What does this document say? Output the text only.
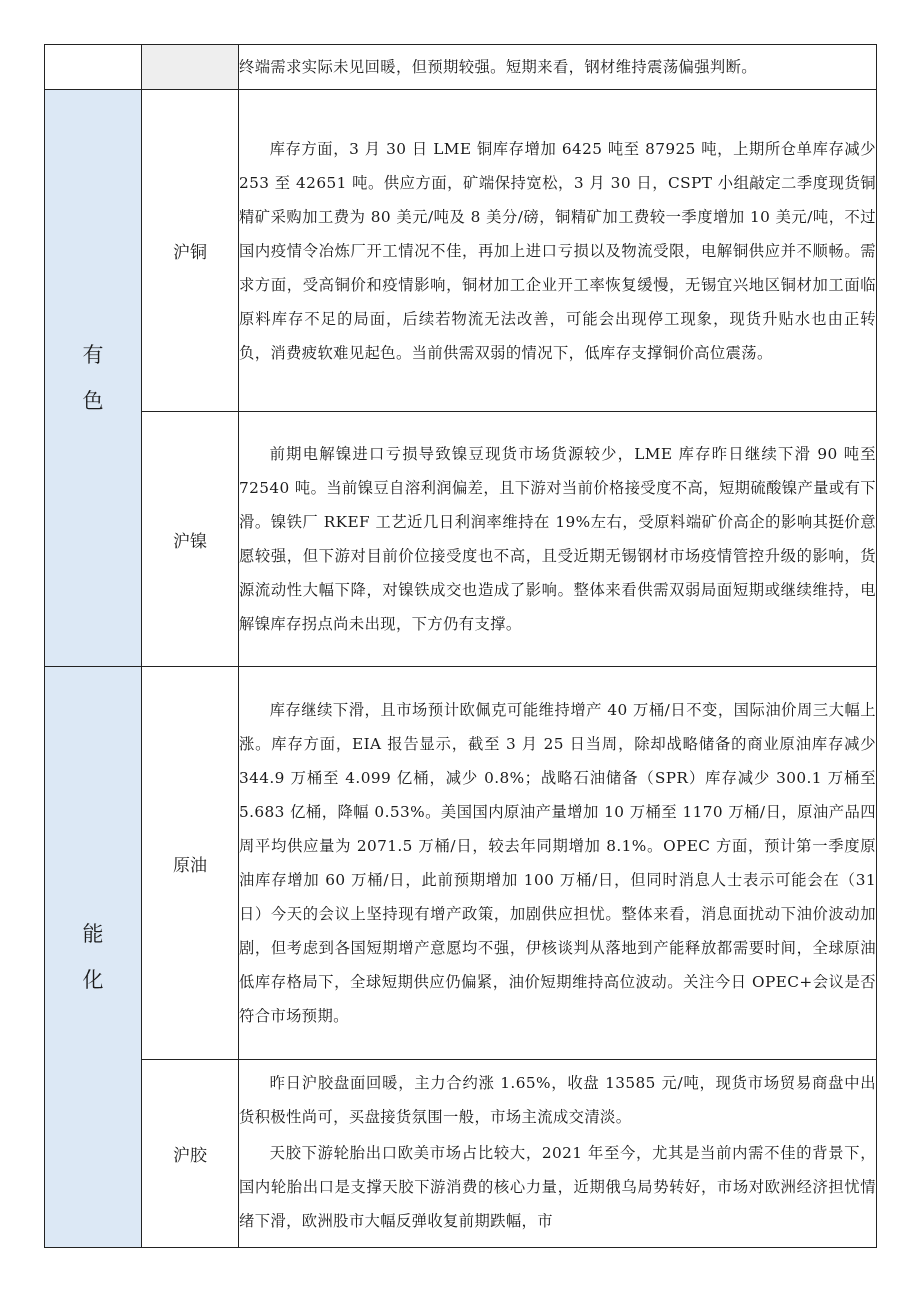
		终端需求实际未见回暖，但预期较强。短期来看，钢材维持震荡偏强判断。

有
色	沪铜	库存方面，3 月 30 日 LME 铜库存增加 6425 吨至 87925 吨，上期所仓单库存减少 253 至 42651 吨。供应方面，矿端保持宽松，3 月 30 日，CSPT 小组敲定二季度现货铜精矿采购加工费为 80 美元/吨及 8 美分/磅，铜精矿加工费较一季度增加 10 美元/吨，不过国内疫情令冶炼厂开工情况不佳，再加上进口亏损以及物流受限，电解铜供应并不顺畅。需求方面，受高铜价和疫情影响，铜材加工企业开工率恢复缓慢，无锡宜兴地区铜材加工面临原料库存不足的局面，后续若物流无法改善，可能会出现停工现象，现货升贴水也由正转负，消费疲软难见起色。当前供需双弱的情况下，低库存支撑铜价高位震荡。

	沪镍	前期电解镍进口亏损导致镍豆现货市场货源较少，LME 库存昨日继续下滑 90 吨至 72540 吨。当前镍豆自溶利润偏差，且下游对当前价格接受度不高，短期硫酸镍产量或有下滑。镍铁厂 RKEF 工艺近几日利润率维持在 19%左右，受原料端矿价高企的影响其挺价意愿较强，但下游对目前价位接受度也不高，且受近期无锡钢材市场疫情管控升级的影响，货源流动性大幅下降，对镍铁成交也造成了影响。整体来看供需双弱局面短期或继续维持，电解镍库存拐点尚未出现，下方仍有支撑。

能
化	原油	库存继续下滑，且市场预计欧佩克可能维持增产 40 万桶/日不变，国际油价周三大幅上涨。库存方面，EIA 报告显示，截至 3 月 25 日当周，除却战略储备的商业原油库存减少 344.9 万桶至 4.099 亿桶，减少 0.8%；战略石油储备（SPR）库存减少 300.1 万桶至 5.683 亿桶，降幅 0.53%。美国国内原油产量增加 10 万桶至 1170 万桶/日，原油产品四周平均供应量为 2071.5 万桶/日，较去年同期增加 8.1%。OPEC 方面，预计第一季度原油库存增加 60 万桶/日，此前预期增加 100 万桶/日，但同时消息人士表示可能会在（31 日）今天的会议上坚持现有增产政策，加剧供应担忧。整体来看，消息面扰动下油价波动加剧，但考虑到各国短期增产意愿均不强，伊核谈判从落地到产能释放都需要时间，全球原油低库存格局下，全球短期供应仍偏紧，油价短期维持高位波动。关注今日 OPEC+会议是否符合市场预期。

	沪胶	昨日沪胶盘面回暖，主力合约涨 1.65%，收盘 13585 元/吨，现货市场贸易商盘中出货积极性尚可，买盘接货氛围一般，市场主流成交清淡。

天胶下游轮胎出口欧美市场占比较大，2021 年至今，尤其是当前内需不佳的背景下，国内轮胎出口是支撑天胶下游消费的核心力量，近期俄乌局势转好，市场对欧洲经济担忧情绪下滑，欧洲股市大幅反弹收复前期跌幅，市
